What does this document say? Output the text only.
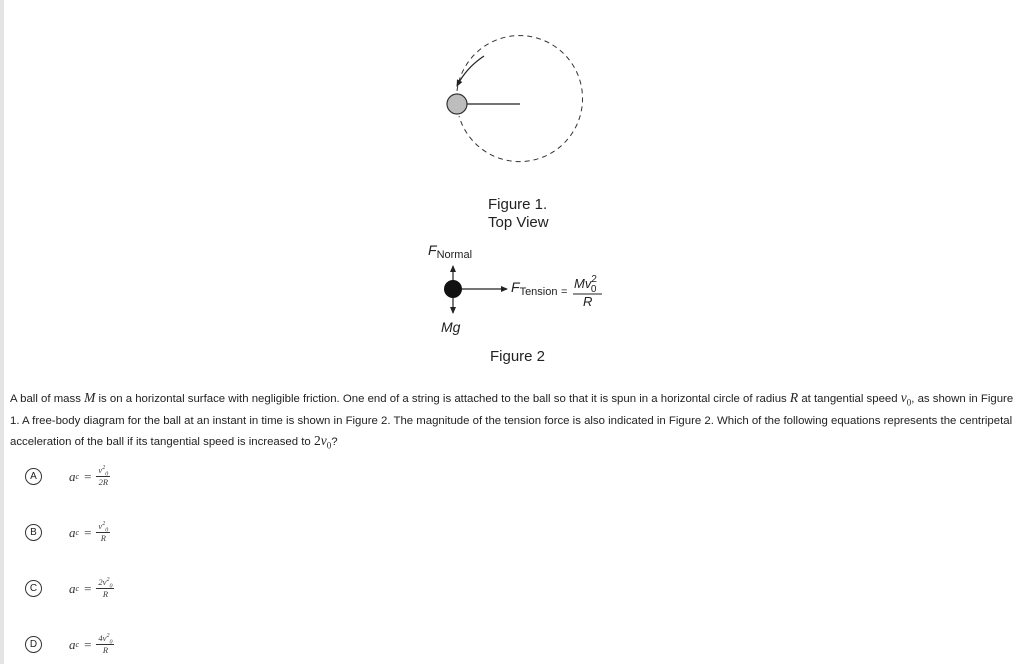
Figure 1.
Top View
$F_{Normal}$
Mg
$F_{Tension}$ =
$Mv^2$ 0
R
Figure 2
A ball of mass M is on a horizontal surface with negligible friction. One end of a string is attached to the ball so that it is spun in a horizontal circle of radius R at tangential speed $v_0$, as shown in Figure 1. A free-body diagram for the ball at an instant in time is shown in Figure 2. The magnitude of the tension force is also indicated in Figure 2. Which of the following equations represents the centripetal acceleration of the ball if its tangential speed is increased to $2v_0$?
A	a $c = \frac{v^2_0}{2R}$
B	a $c = \frac{v^2_0}{R}$
C	a $c = \frac{2v^2_0}{R}$
D	a $c = \frac{4v^2_0}{R}$
